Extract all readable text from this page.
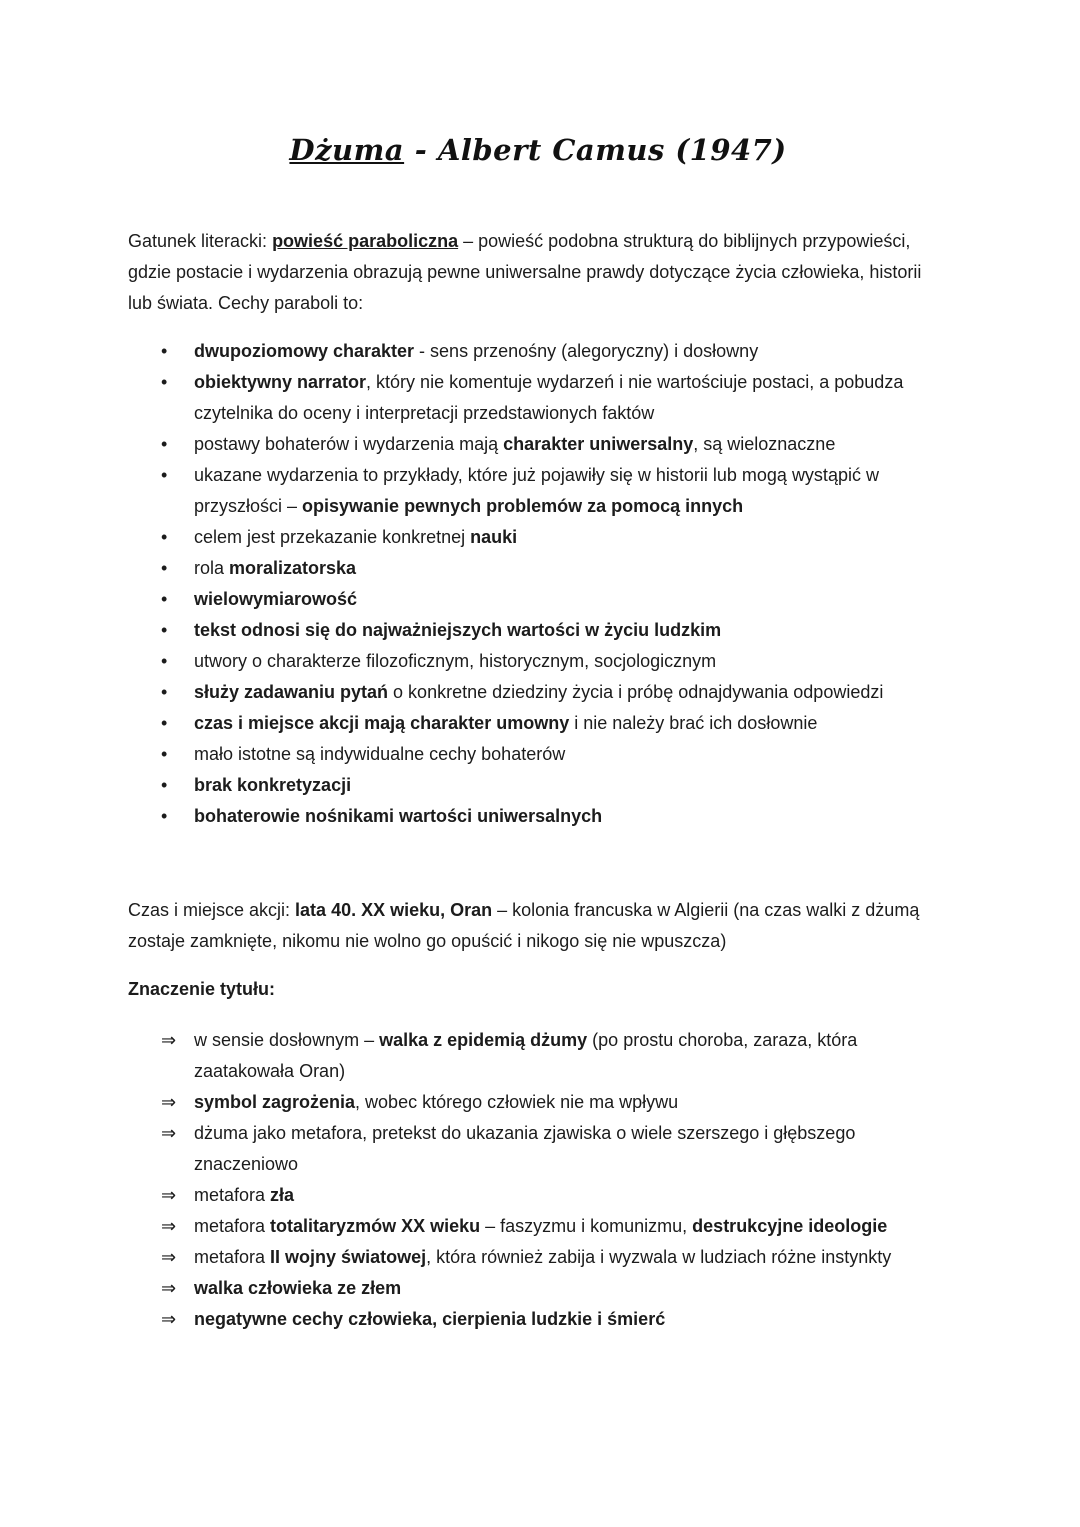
Dżuma - Albert Camus (1947)

Gatunek literacki: powieść paraboliczna – powieść podobna strukturą do biblijnych przypowieści, gdzie postacie i wydarzenia obrazują pewne uniwersalne prawdy dotyczące życia człowieka, historii lub świata. Cechy paraboli to:

•	dwupoziomowy charakter - sens przenośny (alegoryczny) i dosłowny
•	obiektywny narrator, który nie komentuje wydarzeń i nie wartościuje postaci, a pobudza czytelnika do oceny i interpretacji przedstawionych faktów
•	postawy bohaterów i wydarzenia mają charakter uniwersalny, są wieloznaczne
•	ukazane wydarzenia to przykłady, które już pojawiły się w historii lub mogą wystąpić w przyszłości – opisywanie pewnych problemów za pomocą innych
•	celem jest przekazanie konkretnej nauki
•	rola moralizatorska
•	wielowymiarowość
•	tekst odnosi się do najważniejszych wartości w życiu ludzkim
•	utwory o charakterze filozoficznym, historycznym, socjologicznym
•	służy zadawaniu pytań o konkretne dziedziny życia i próbę odnajdywania odpowiedzi
•	czas i miejsce akcji mają charakter umowny i nie należy brać ich dosłownie
•	mało istotne są indywidualne cechy bohaterów
•	brak konkretyzacji
•	bohaterowie nośnikami wartości uniwersalnych

Czas i miejsce akcji: lata 40. XX wieku, Oran – kolonia francuska w Algierii (na czas walki z dżumą zostaje zamknięte, nikomu nie wolno go opuścić i nikogo się nie wpuszcza)

Znaczenie tytułu:

⇒ w sensie dosłownym – walka z epidemią dżumy (po prostu choroba, zaraza, która zaatakowała Oran)
⇒ symbol zagrożenia, wobec którego człowiek nie ma wpływu
⇒ dżuma jako metafora, pretekst do ukazania zjawiska o wiele szerszego i głębszego znaczeniowo
⇒ metafora zła
⇒ metafora totalitaryzmów XX wieku – faszyzmu i komunizmu, destrukcyjne ideologie
⇒ metafora II wojny światowej, która również zabija i wyzwala w ludziach różne instynkty
⇒ walka człowieka ze złem
⇒ negatywne cechy człowieka, cierpienia ludzkie i śmierć
